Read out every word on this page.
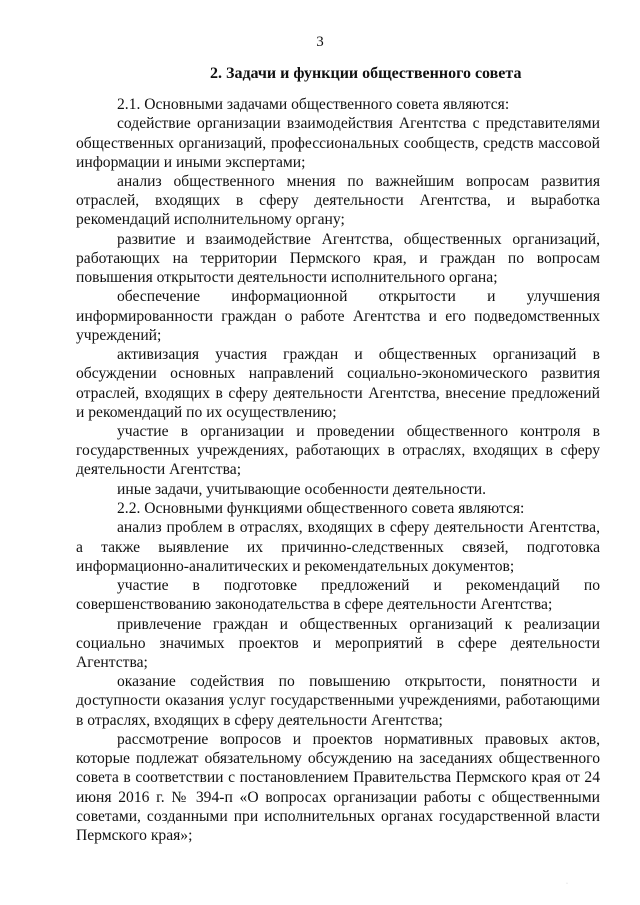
3
2. Задачи и функции общественного совета

2.1. Основными задачами общественного совета являются:

содействие организации взаимодействия Агентства с представителями общественных организаций, профессиональных сообществ, средств массовой информации и иными экспертами;

анализ общественного мнения по важнейшим вопросам развития отраслей, входящих в сферу деятельности Агентства, и выработка рекомендаций исполнительному органу;

развитие и взаимодействие Агентства, общественных организаций, работающих на территории Пермского края, и граждан по вопросам повышения открытости деятельности исполнительного органа;

обеспечение информационной открытости и улучшения информированности граждан о работе Агентства и его подведомственных учреждений;

активизация участия граждан и общественных организаций в обсуждении основных направлений социально-экономического развития отраслей, входящих в сферу деятельности Агентства, внесение предложений и рекомендаций по их осуществлению;

участие в организации и проведении общественного контроля в государственных учреждениях, работающих в отраслях, входящих в сферу деятельности Агентства;

иные задачи, учитывающие особенности деятельности.

2.2. Основными функциями общественного совета являются:

анализ проблем в отраслях, входящих в сферу деятельности Агентства, а также выявление их причинно-следственных связей, подготовка информационно-аналитических и рекомендательных документов;

участие в подготовке предложений и рекомендаций по совершенствованию законодательства в сфере деятельности Агентства;

привлечение граждан и общественных организаций к реализации социально значимых проектов и мероприятий в сфере деятельности Агентства;

оказание содействия по повышению открытости, понятности и доступности оказания услуг государственными учреждениями, работающими в отраслях, входящих в сферу деятельности Агентства;

рассмотрение вопросов и проектов нормативных правовых актов, которые подлежат обязательному обсуждению на заседаниях общественного совета в соответствии с постановлением Правительства Пермского края от 24 июня 2016 г. № 394-п «О вопросах организации работы с общественными советами, созданными при исполнительных органах государственной власти Пермского края»;

·
